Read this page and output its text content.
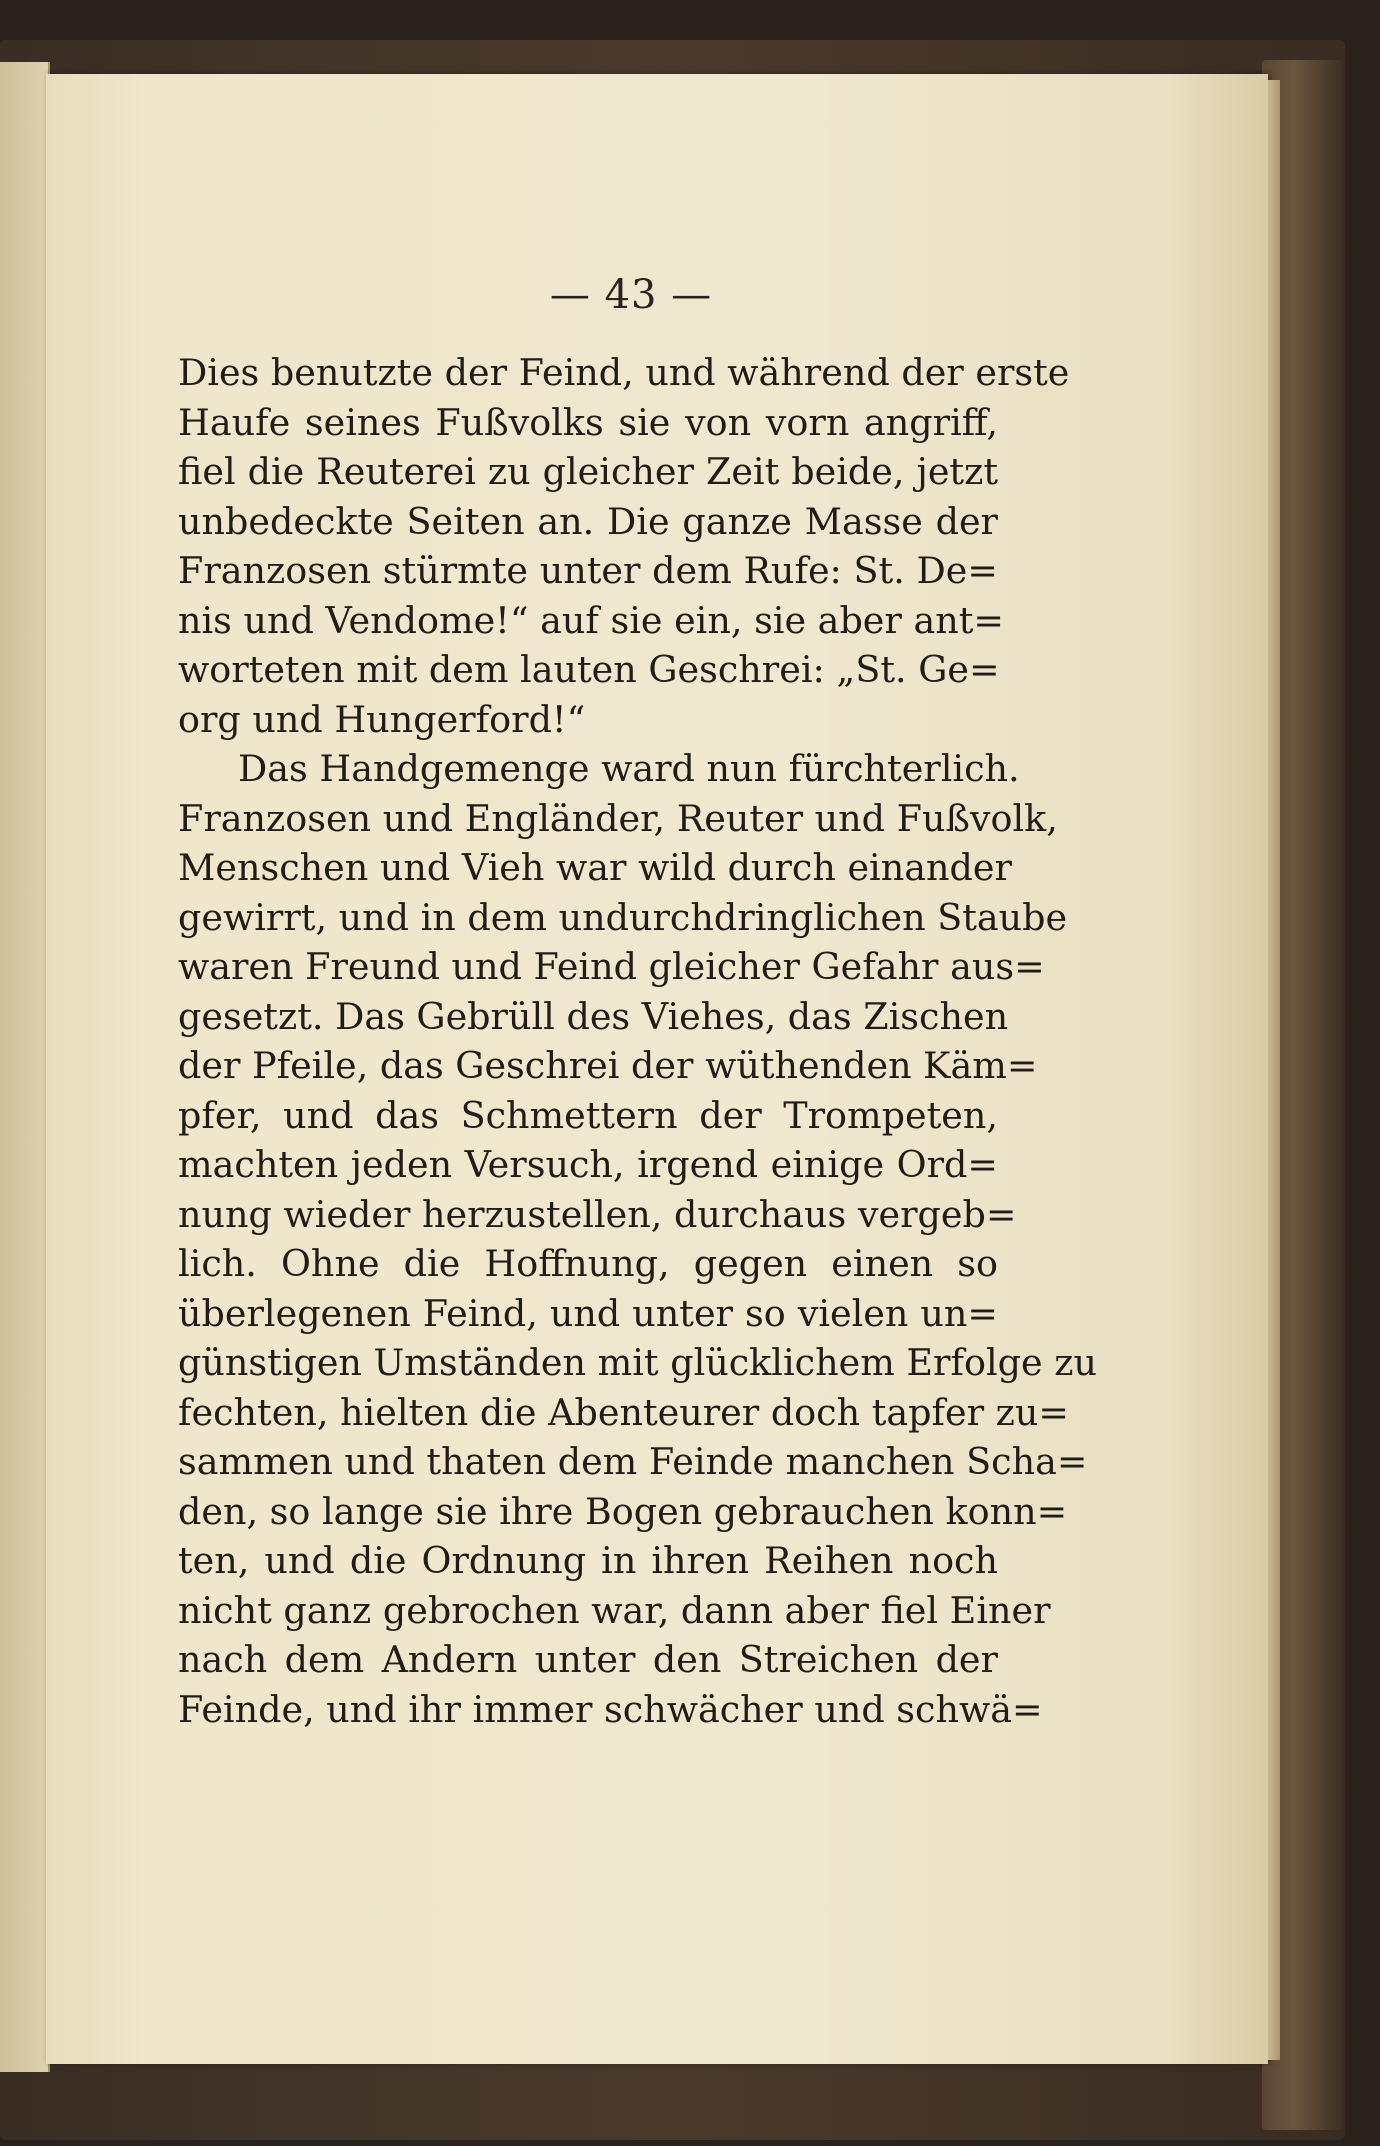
— 43 —
Dies benutzte der Feind, und während der erste
Haufe seines Fußvolks sie von vorn angriff,
fiel die Reuterei zu gleicher Zeit beide, jetzt
unbedeckte Seiten an. Die ganze Masse der
Franzosen stürmte unter dem Rufe: St. De=
nis und Vendome!“ auf sie ein, sie aber ant=
worteten mit dem lauten Geschrei: „St. Ge=
org und Hungerford!“
Das Handgemenge ward nun fürchterlich.
Franzosen und Engländer, Reuter und Fußvolk,
Menschen und Vieh war wild durch einander
gewirrt, und in dem undurchdringlichen Staube
waren Freund und Feind gleicher Gefahr aus=
gesetzt. Das Gebrüll des Viehes, das Zischen
der Pfeile, das Geschrei der wüthenden Käm=
pfer, und das Schmettern der Trompeten,
machten jeden Versuch, irgend einige Ord=
nung wieder herzustellen, durchaus vergeb=
lich. Ohne die Hoffnung, gegen einen so
überlegenen Feind, und unter so vielen un=
günstigen Umständen mit glücklichem Erfolge zu
fechten, hielten die Abenteurer doch tapfer zu=
sammen und thaten dem Feinde manchen Scha=
den, so lange sie ihre Bogen gebrauchen konn=
ten, und die Ordnung in ihren Reihen noch
nicht ganz gebrochen war, dann aber fiel Einer
nach dem Andern unter den Streichen der
Feinde, und ihr immer schwächer und schwä=
